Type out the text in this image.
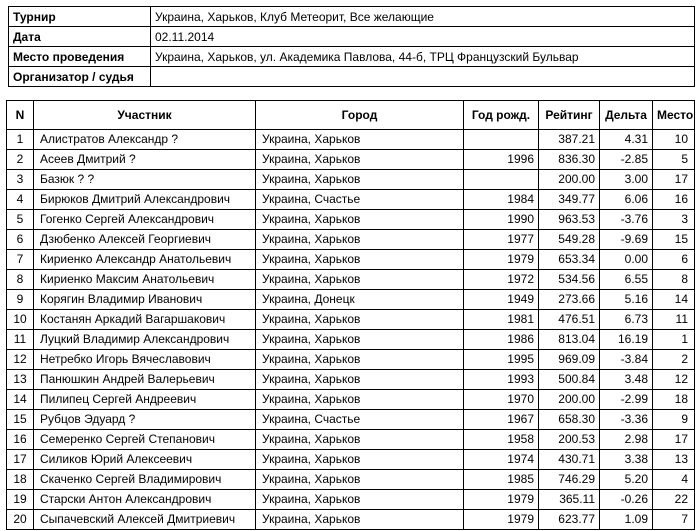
Турнир	Украина, Харьков, Клуб Метеорит, Все желающие
Дата	02.11.2014
Место проведения	Украина, Харьков, ул. Академика Павлова, 44-б, ТРЦ Французский Бульвар
Организатор / судья	
N	Участник	Город	Год рожд.	Рейтинг	Дельта	Место
1	Алистратов Александр ?	Украина, Харьков		387.21	4.31	10
2	Асеев Дмитрий ?	Украина, Харьков	1996	836.30	-2.85	5
3	Базюк ? ?	Украина, Харьков		200.00	3.00	17
4	Бирюков Дмитрий Александрович	Украина, Счастье	1984	349.77	6.06	16
5	Гогенко Сергей Александрович	Украина, Харьков	1990	963.53	-3.76	3
6	Дзюбенко Алексей Георгиевич	Украина, Харьков	1977	549.28	-9.69	15
7	Кириенко Александр Анатольевич	Украина, Харьков	1979	653.34	0.00	6
8	Кириенко Максим Анатольевич	Украина, Харьков	1972	534.56	6.55	8
9	Корягин Владимир Иванович	Украина, Донецк	1949	273.66	5.16	14
10	Костанян Аркадий Вагаршакович	Украина, Харьков	1981	476.51	6.73	11
11	Луцкий Владимир Александрович	Украина, Харьков	1986	813.04	16.19	1
12	Нетребко Игорь Вячеславович	Украина, Харьков	1995	969.09	-3.84	2
13	Панюшкин Андрей Валерьевич	Украина, Харьков	1993	500.84	3.48	12
14	Пилипец Сергей Андреевич	Украина, Харьков	1970	200.00	-2.99	18
15	Рубцов Эдуард ?	Украина, Счастье	1967	658.30	-3.36	9
16	Семеренко Сергей Степанович	Украина, Харьков	1958	200.53	2.98	17
17	Силиков Юрий Алексеевич	Украина, Харьков	1974	430.71	3.38	13
18	Скаченко Сергей Владимирович	Украина, Харьков	1985	746.29	5.20	4
19	Старски Антон Александрович	Украина, Харьков	1979	365.11	-0.26	22
20	Сыпачевский Алексей Дмитриевич	Украина, Харьков	1979	623.77	1.09	7
